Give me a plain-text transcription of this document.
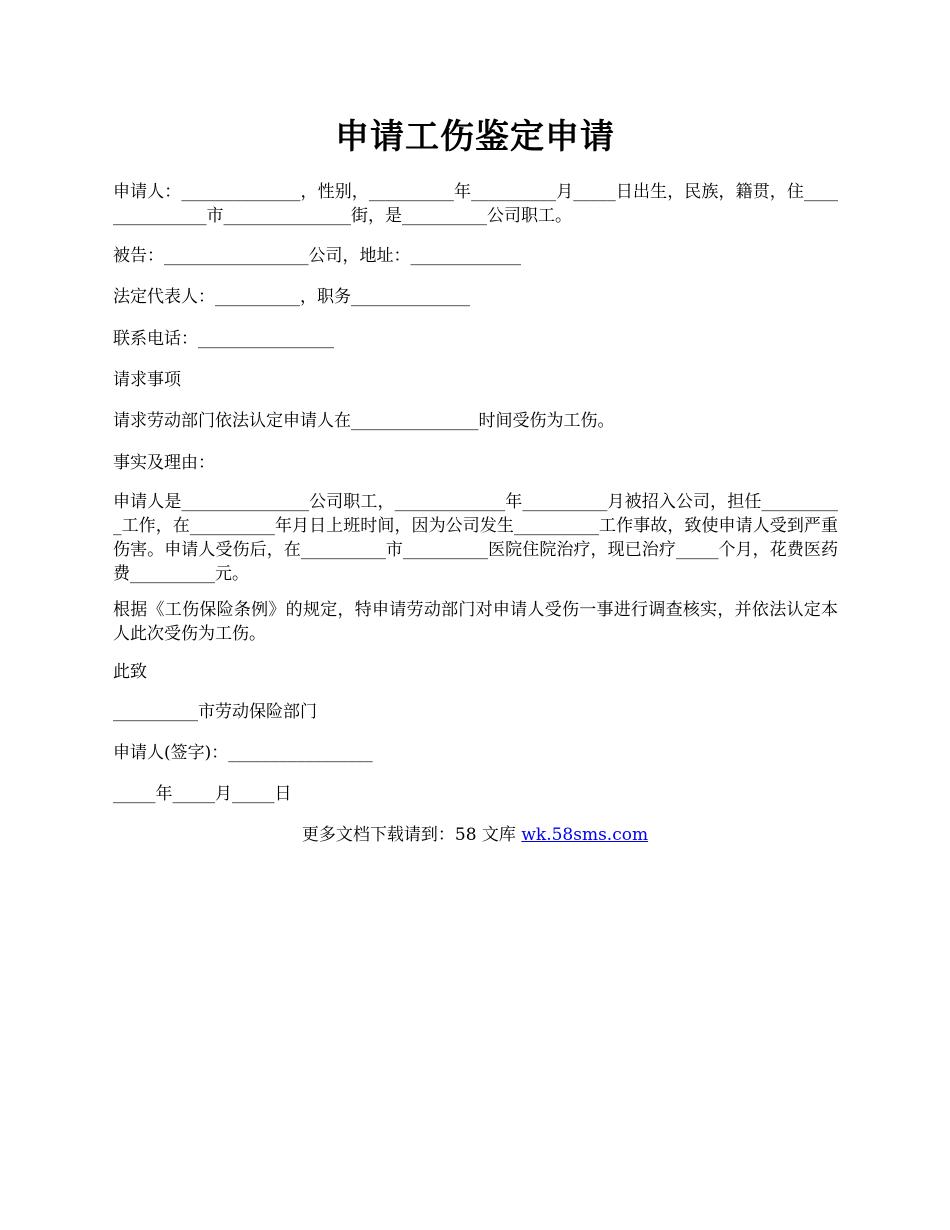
申请工伤鉴定申请
申请人：______________，性别，__________年__________月_____日出生，民族，籍贯，住_______________市_______________街，是__________公司职工。
被告：_________________公司，地址：_____________
法定代表人：__________，职务______________
联系电话：________________
请求事项
请求劳动部门依法认定申请人在_______________时间受伤为工伤。
事实及理由：
申请人是_______________公司职工，_____________年__________月被招入公司，担任__________工作，在__________年月日上班时间，因为公司发生__________工作事故，致使申请人受到严重伤害。申请人受伤后，在__________市__________医院住院治疗，现已治疗_____个月，花费医药费__________元。
根据《工伤保险条例》的规定，特申请劳动部门对申请人受伤一事进行调查核实，并依法认定本人此次受伤为工伤。
此致
__________市劳动保险部门
申请人(签字)：_________________
_____年_____月_____日
更多文档下载请到：58 文库 wk.58sms.com
